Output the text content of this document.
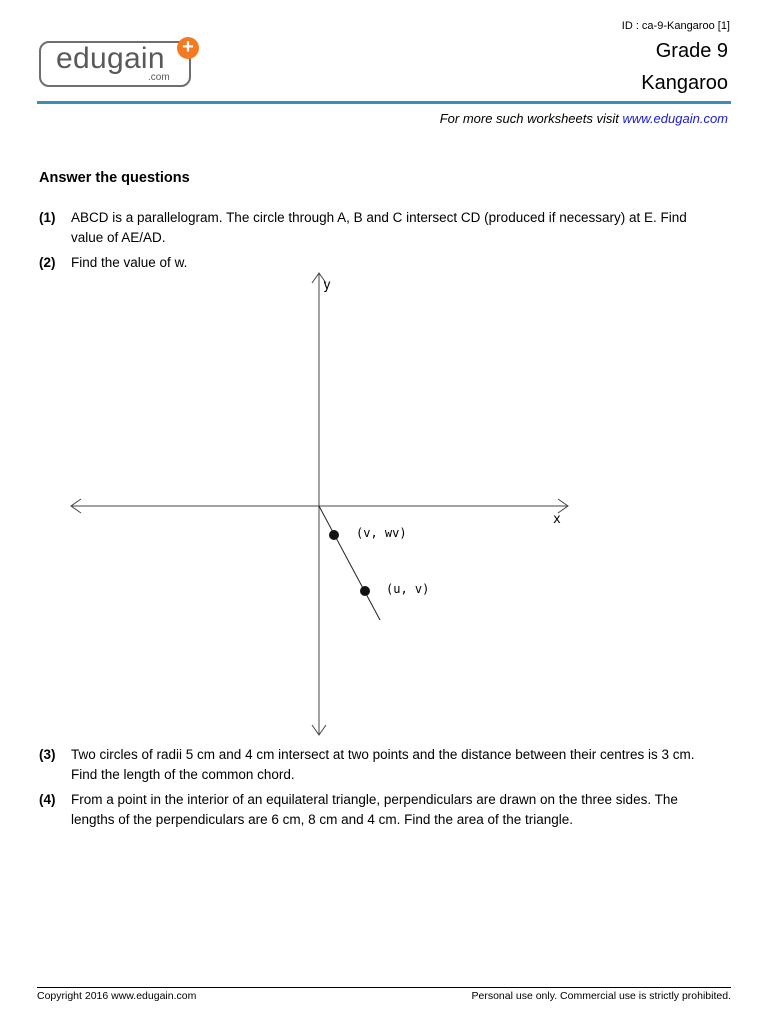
edugain
.com
+
ID : ca-9-Kangaroo [1]
Grade 9
Kangaroo
For more such worksheets visit www.edugain.com
Answer the questions
(1) ABCD is a parallelogram. The circle through A, B and C intersect CD (produced if necessary) at E. Find value of AE/AD.
(2) Find the value of w.
y
x
(v, wv)
(u, v)
(3) Two circles of radii 5 cm and 4 cm intersect at two points and the distance between their centres is 3 cm. Find the length of the common chord.
(4) From a point in the interior of an equilateral triangle, perpendiculars are drawn on the three sides. The lengths of the perpendiculars are 6 cm, 8 cm and 4 cm. Find the area of the triangle.
Copyright 2016 www.edugain.com	Personal use only. Commercial use is strictly prohibited.
